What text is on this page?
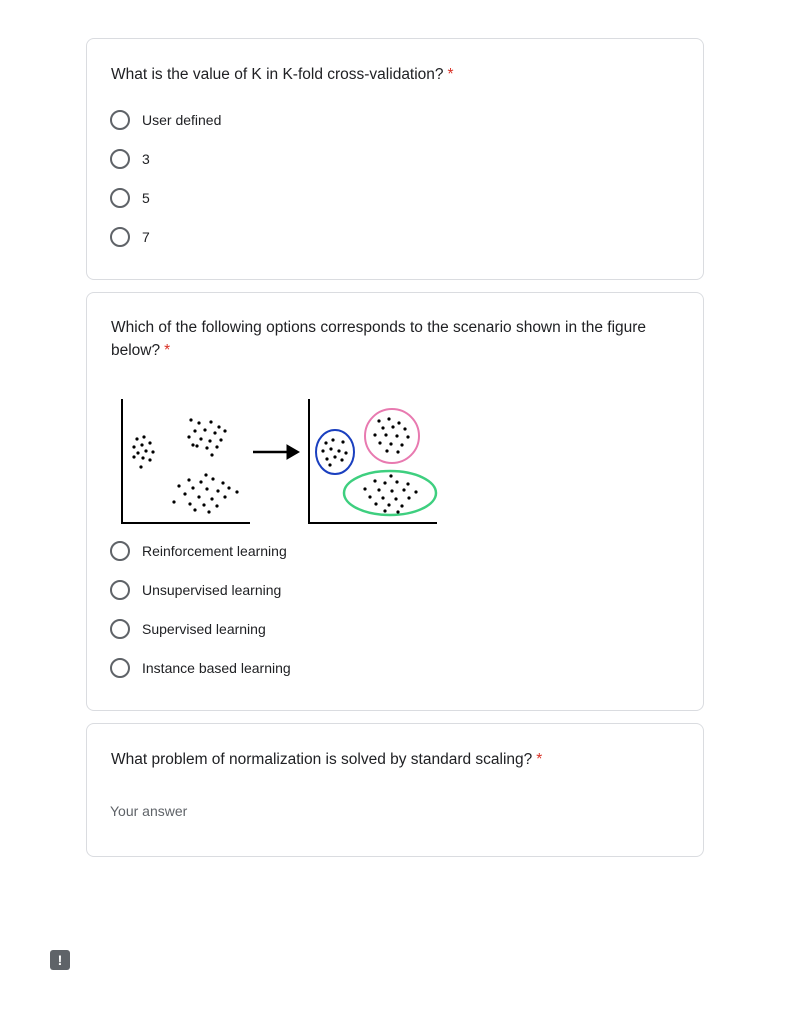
What is the value of K in K-fold cross-validation? *
User defined
3
5
7
Which of the following options corresponds to the scenario shown in the figure below? *
Reinforcement learning
Unsupervised learning
Supervised learning
Instance based learning
What problem of normalization is solved by standard scaling? *
Your answer
!
